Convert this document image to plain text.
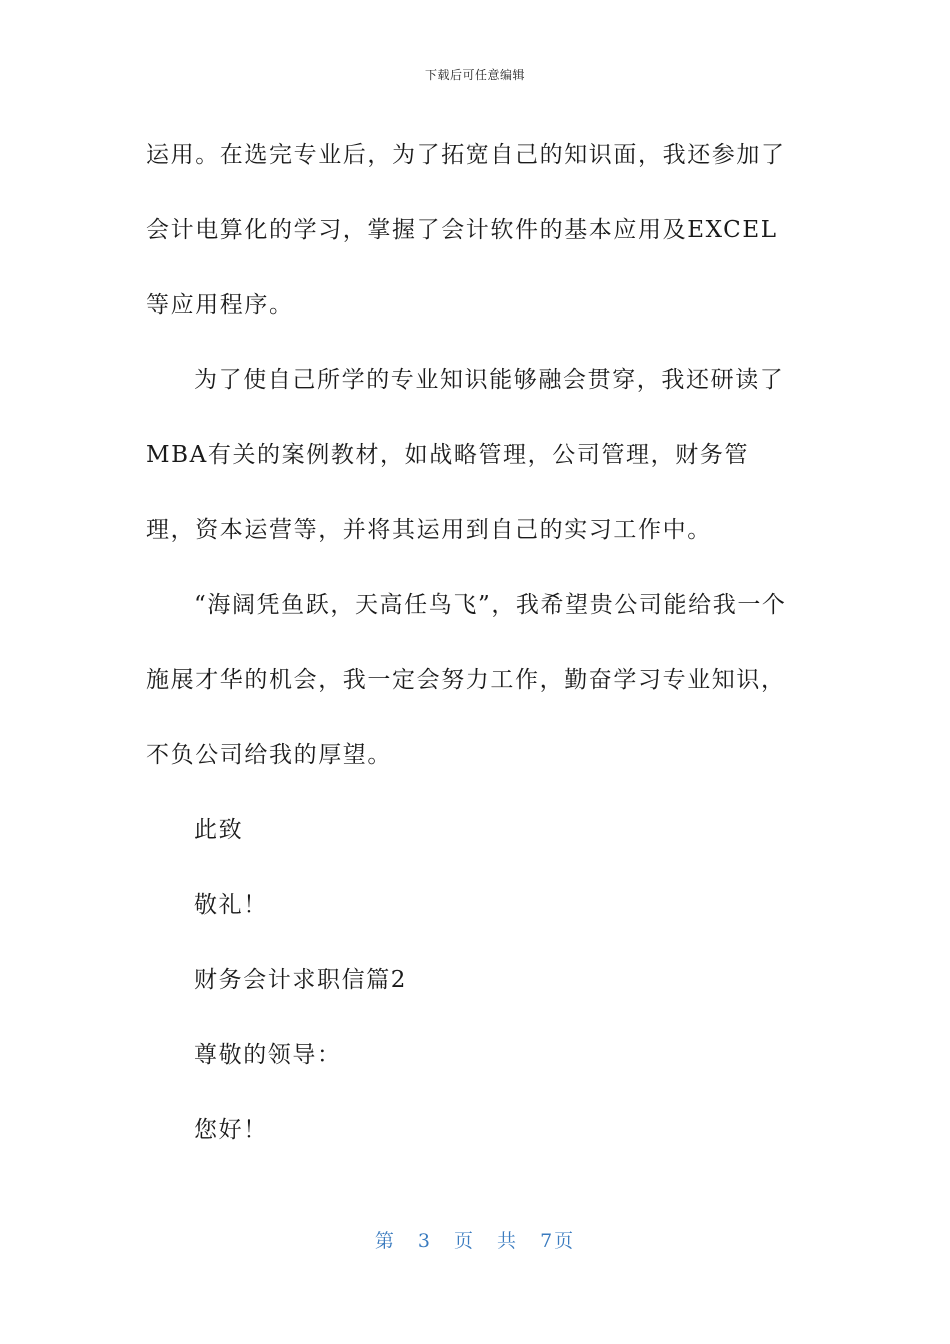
下载后可任意编辑

运用。在选完专业后，为了拓宽自己的知识面，我还参加了会计电算化的学习，掌握了会计软件的基本应用及EXCEL等应用程序。

为了使自己所学的专业知识能够融会贯穿，我还研读了MBA有关的案例教材，如战略管理，公司管理，财务管理，资本运营等，并将其运用到自己的实习工作中。

“海阔凭鱼跃，天高任鸟飞”，我希望贵公司能给我一个施展才华的机会，我一定会努力工作，勤奋学习专业知识，不负公司给我的厚望。

此致

敬礼！

财务会计求职信篇2

尊敬的领导：

您好！

第 3 页 共 7页
